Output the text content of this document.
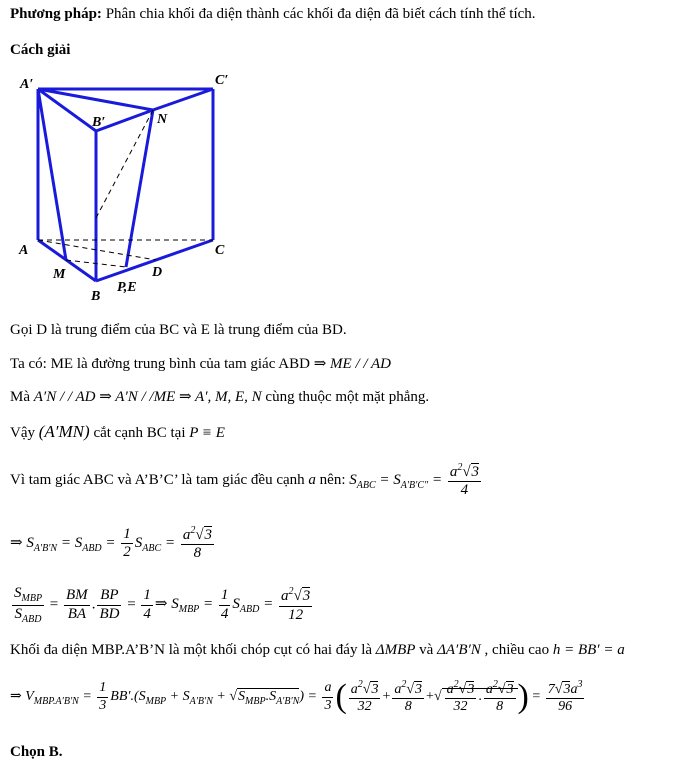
Phương pháp: Phân chia khối đa diện thành các khối đa diện đã biết cách tính thể tích.
Cách giải
A′	C′
B′	N
A	C
M	D
B
P,E
Gọi D là trung điểm của BC và E là trung điểm của BD.
Ta có: ME là đường trung bình của tam giác ABD ⇒ ME / / AD
Mà A′N / / AD ⇒ A′N / /ME ⇒ A′, M, E, N cùng thuộc một mặt phẳng.
Vậy (A′MN) cắt cạnh BC tại P ≡ E
Vì tam giác ABC và A’B’C’ là tam giác đều cạnh a nên: $S_{ABC} = S_{A'B'C''} = \frac{a^2√3}{4}$
⇒ $S_{A'B'N} = S_{ABD} = \frac{1}{2} S_{ABC} = \frac{a^2√3}{8}$
$\frac{S_{MBP}}{S_{ABD}} = \frac{BM}{BA}$ . $\frac{BP}{BD} = \frac{1}{4}$ ⇒ $S_{MBP} = \frac{1}{4} S_{ABD} = \frac{a^2√3}{12}$
Khối đa diện MBP.A’B’N là một khối chóp cụt có hai đáy là ΔMBP và ΔA′B′N , chiều cao h = BB′ = a
⇒ $V_{MBP.A'B'N} = \frac{1}{3} BB'.(S_{MBP} + S_{A'B'N} + √S_{MBP}.S_{A'B'N}) = \frac{a}{3}$ ( $\frac{a^2√3}{32} + \frac{a^2√3}{8}$ +√ $\frac{a^2√3}{32}$ . $\frac{a^2√3}{8}$ ) = $\frac{7√3a^3}{96}$
Chọn B.
